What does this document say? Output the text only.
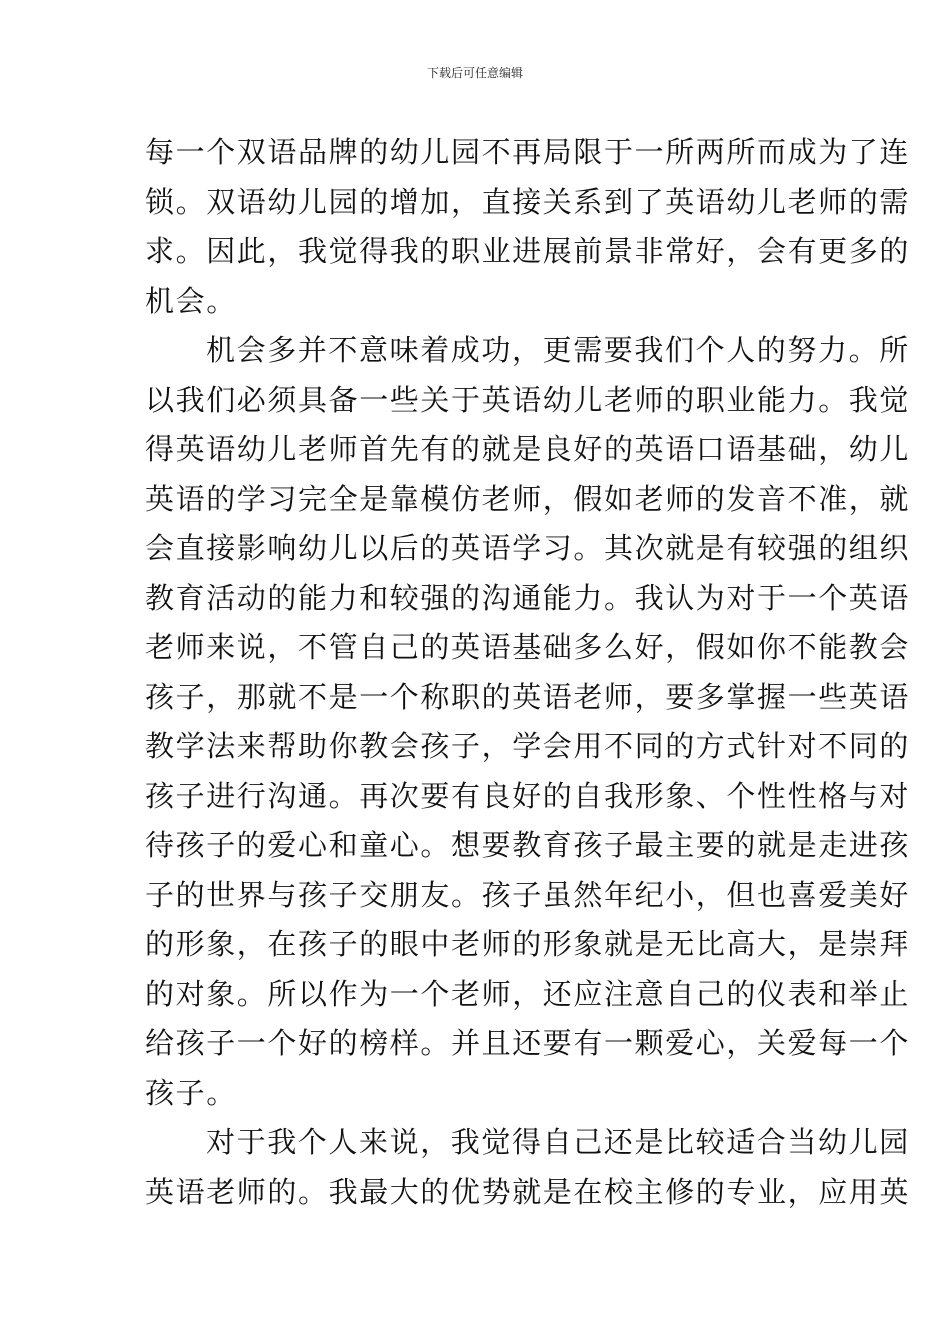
下载后可任意编辑
每一个双语品牌的幼儿园不再局限于一所两所而成为了连
锁。双语幼儿园的增加，直接关系到了英语幼儿老师的需
求。因此，我觉得我的职业进展前景非常好，会有更多的
机会。
机会多并不意味着成功，更需要我们个人的努力。所
以我们必须具备一些关于英语幼儿老师的职业能力。我觉
得英语幼儿老师首先有的就是良好的英语口语基础，幼儿
英语的学习完全是靠模仿老师，假如老师的发音不准，就
会直接影响幼儿以后的英语学习。其次就是有较强的组织
教育活动的能力和较强的沟通能力。我认为对于一个英语
老师来说，不管自己的英语基础多么好，假如你不能教会
孩子，那就不是一个称职的英语老师，要多掌握一些英语
教学法来帮助你教会孩子，学会用不同的方式针对不同的
孩子进行沟通。再次要有良好的自我形象、个性性格与对
待孩子的爱心和童心。想要教育孩子最主要的就是走进孩
子的世界与孩子交朋友。孩子虽然年纪小，但也喜爱美好
的形象，在孩子的眼中老师的形象就是无比高大，是崇拜
的对象。所以作为一个老师，还应注意自己的仪表和举止
给孩子一个好的榜样。并且还要有一颗爱心，关爱每一个
孩子。
对于我个人来说，我觉得自己还是比较适合当幼儿园
英语老师的。我最大的优势就是在校主修的专业，应用英
